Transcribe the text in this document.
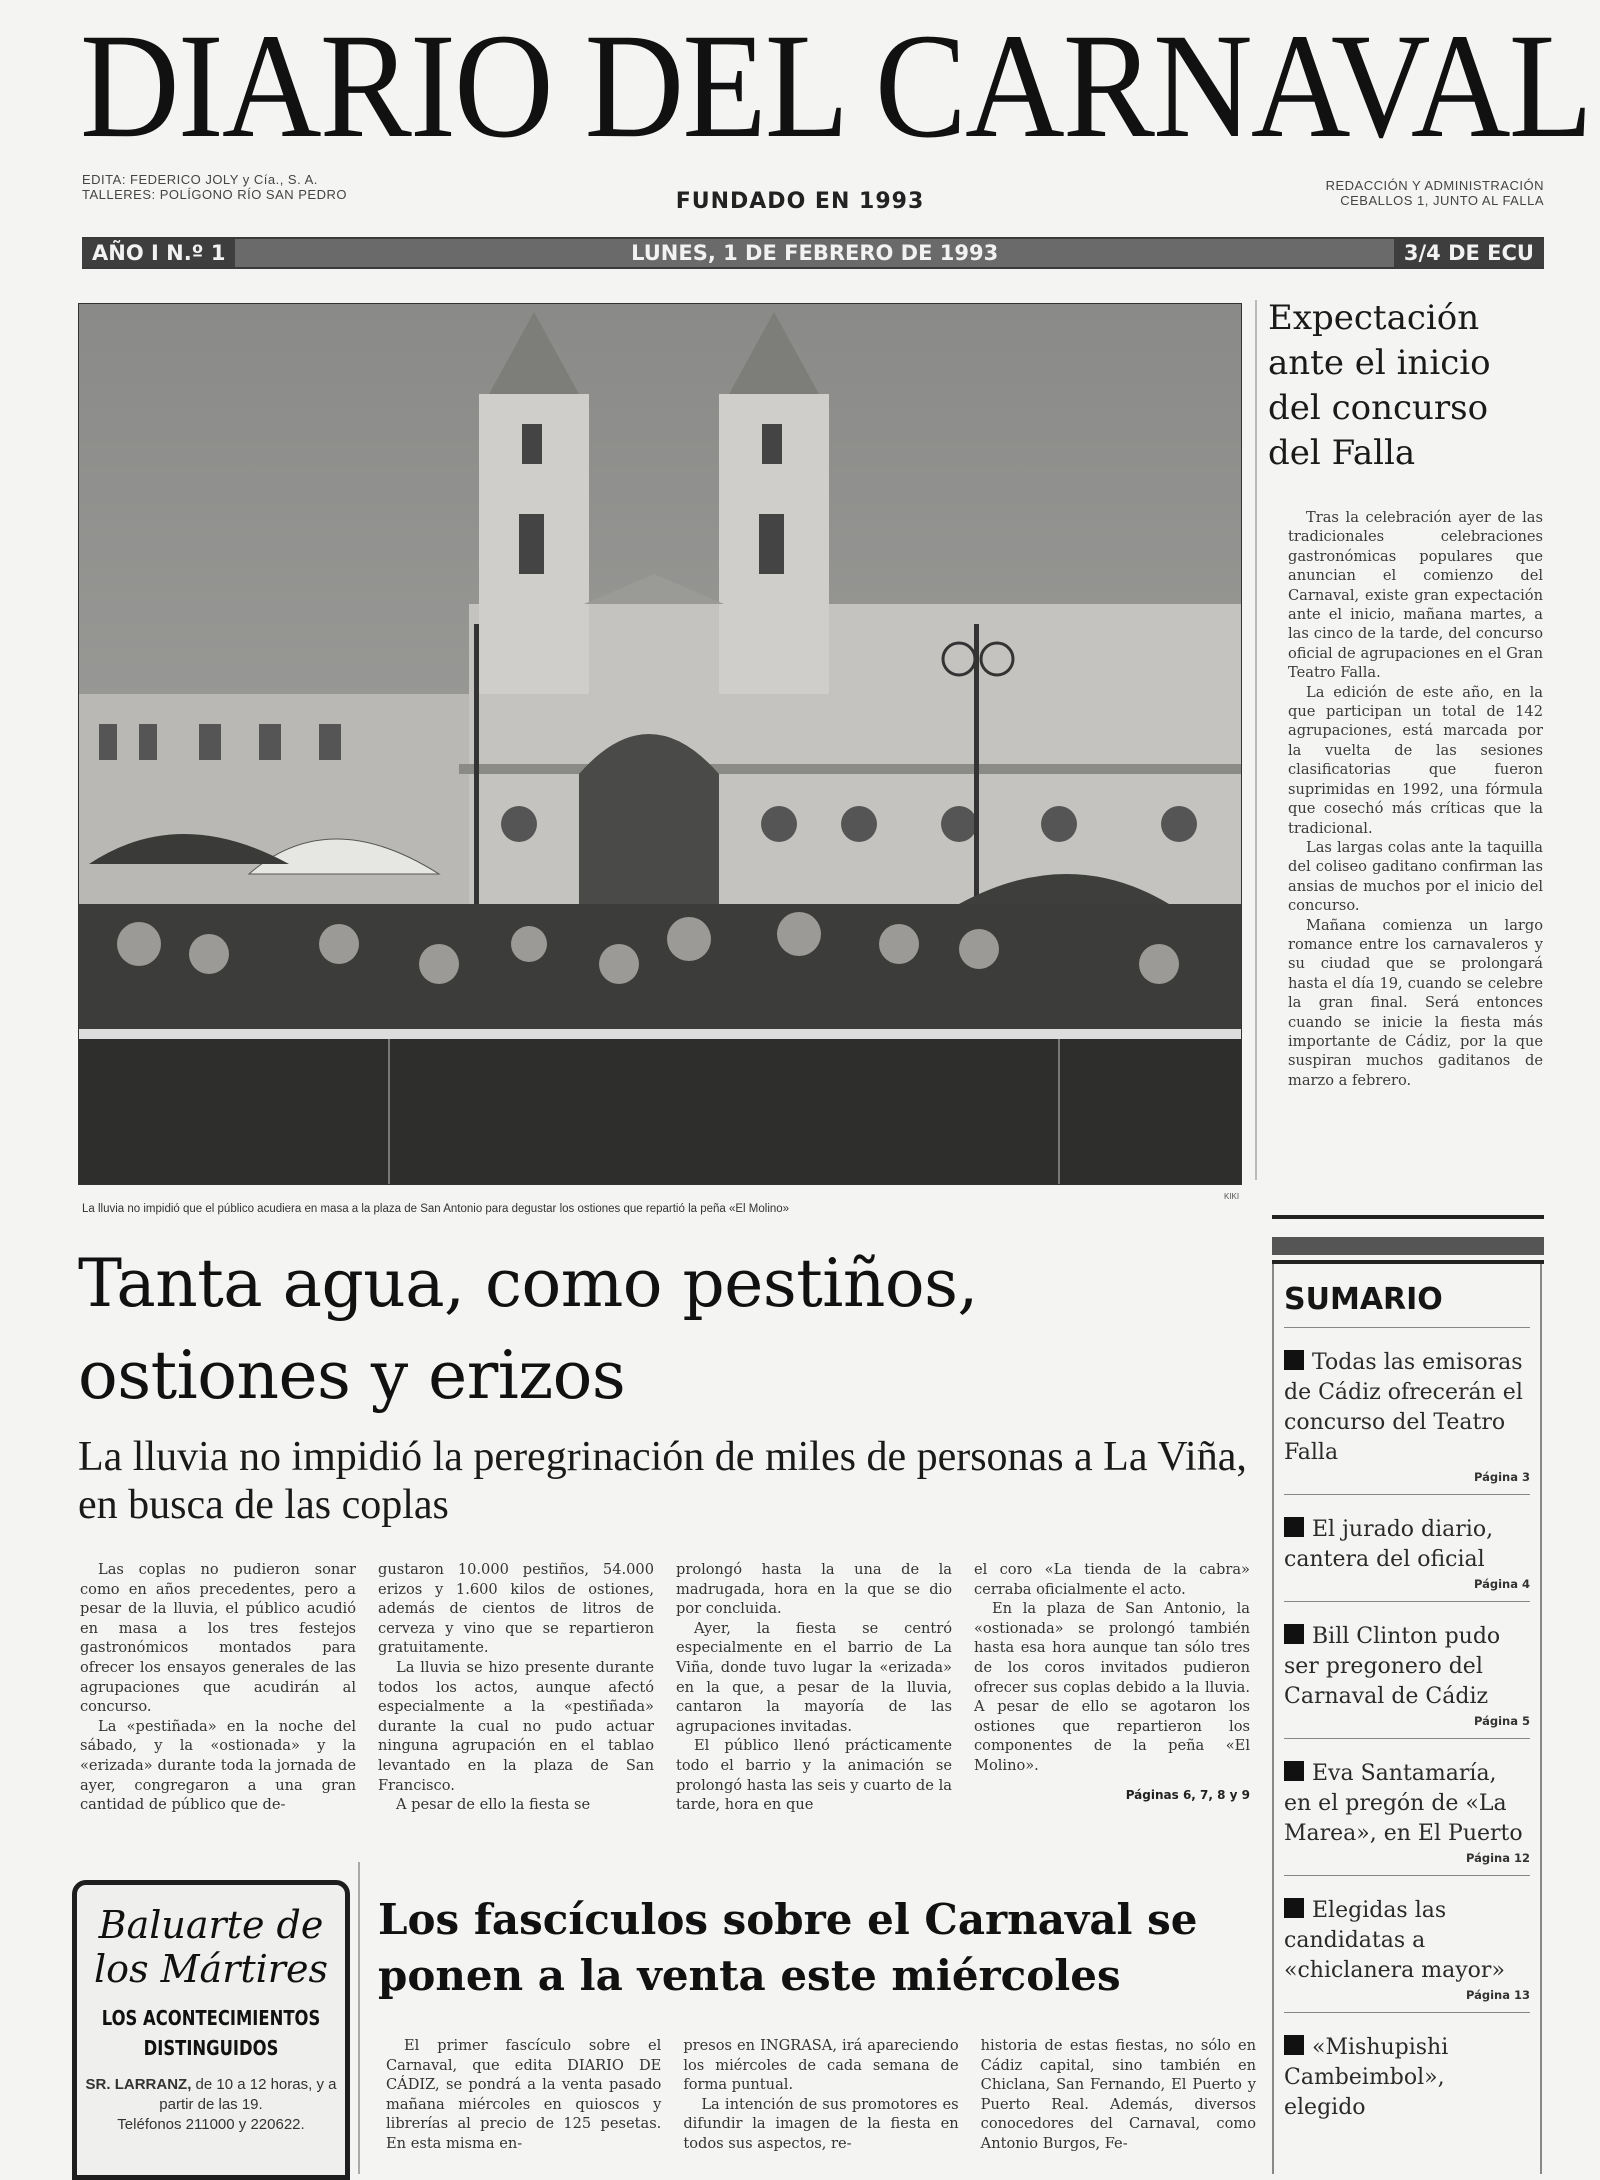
DIARIO DEL CARNAVAL
EDITA: FEDERICO JOLY y Cía., S. A.
TALLERES: POLÍGONO RÍO SAN PEDRO	FUNDADO EN 1993
REDACCIÓN Y ADMINISTRACIÓN
CEBALLOS 1, JUNTO AL FALLA
AÑO I N.º 1	LUNES, 1 DE FEBRERO DE 1993	3/4 DE ECU
KIKI
La lluvia no impidió que el público acudiera en masa a la plaza de San Antonio para degustar los ostiones que repartió la peña «El Molino»
Expectación ante el inicio del concurso del Falla

Tras la celebración ayer de las tradicionales celebraciones gastronómicas populares que anuncian el comienzo del Carnaval, existe gran expectación ante el inicio, mañana martes, a las cinco de la tarde, del concurso oficial de agrupaciones en el Gran Teatro Falla.

La edición de este año, en la que participan un total de 142 agrupaciones, está marcada por la vuelta de las sesiones clasificatorias que fueron suprimidas en 1992, una fórmula que cosechó más críticas que la tradicional.

Las largas colas ante la taquilla del coliseo gaditano confirman las ansias de muchos por el inicio del concurso.

Mañana comienza un largo romance entre los carnavaleros y su ciudad que se prolongará hasta el día 19, cuando se celebre la gran final. Será entonces cuando se inicie la fiesta más importante de Cádiz, por la que suspiran muchos gaditanos de marzo a febrero.

SUMARIO
Todas las emisoras de Cádiz ofrecerán el concurso del Teatro Falla
Página 3
El jurado diario, cantera del oficial
Página 4
Bill Clinton pudo ser pregonero del Carnaval de Cádiz
Página 5
Eva Santamaría, en el pregón de «La Marea», en El Puerto
Página 12
Elegidas las candidatas a «chiclanera mayor»
Página 13
«Mishupishi Cambeimbol», elegido
Tanta agua, como pestiños, ostiones y erizos
La lluvia no impidió la peregrinación de miles de personas a La Viña, en busca de las coplas

Las coplas no pudieron sonar como en años precedentes, pero a pesar de la lluvia, el público acudió en masa a los tres festejos gastronómicos montados para ofrecer los ensayos generales de las agrupaciones que acudirán al concurso.

La «pestiñada» en la noche del sábado, y la «ostionada» y la «erizada» durante toda la jornada de ayer, congregaron a una gran cantidad de público que de-

gustaron 10.000 pestiños, 54.000 erizos y 1.600 kilos de ostiones, además de cientos de litros de cerveza y vino que se repartieron gratuitamente.

La lluvia se hizo presente durante todos los actos, aunque afectó especialmente a la «pestiñada» durante la cual no pudo actuar ninguna agrupación en el tablao levantado en la plaza de San Francisco.

A pesar de ello la fiesta se

prolongó hasta la una de la madrugada, hora en la que se dio por concluida.

Ayer, la fiesta se centró especialmente en el barrio de La Viña, donde tuvo lugar la «erizada» en la que, a pesar de la lluvia, cantaron la mayoría de las agrupaciones invitadas.

El público llenó prácticamente todo el barrio y la animación se prolongó hasta las seis y cuarto de la tarde, hora en que

el coro «La tienda de la cabra» cerraba oficialmente el acto.

En la plaza de San Antonio, la «ostionada» se prolongó también hasta esa hora aunque tan sólo tres de los coros invitados pudieron ofrecer sus coplas debido a la lluvia. A pesar de ello se agotaron los ostiones que repartieron los componentes de la peña «El Molino».

Páginas 6, 7, 8 y 9
Baluarte de
los Mártires
LOS ACONTECIMIENTOS
DISTINGUIDOS
SR. LARRANZ, de 10 a 12 horas, y a partir de las 19.
Teléfonos 211000 y 220622.
Los fascículos sobre el Carnaval se ponen a la venta este miércoles

El primer fascículo sobre el Carnaval, que edita DIARIO DE CÁDIZ, se pondrá a la venta pasado mañana miércoles en quioscos y librerías al precio de 125 pesetas. En esta misma en-

presos en INGRASA, irá apareciendo los miércoles de cada semana de forma puntual.

La intención de sus promotores es difundir la imagen de la fiesta en todos sus aspectos, re-

historia de estas fiestas, no sólo en Cádiz capital, sino también en Chiclana, San Fernando, El Puerto y Puerto Real. Además, diversos conocedores del Carnaval, como Antonio Burgos, Fe-
